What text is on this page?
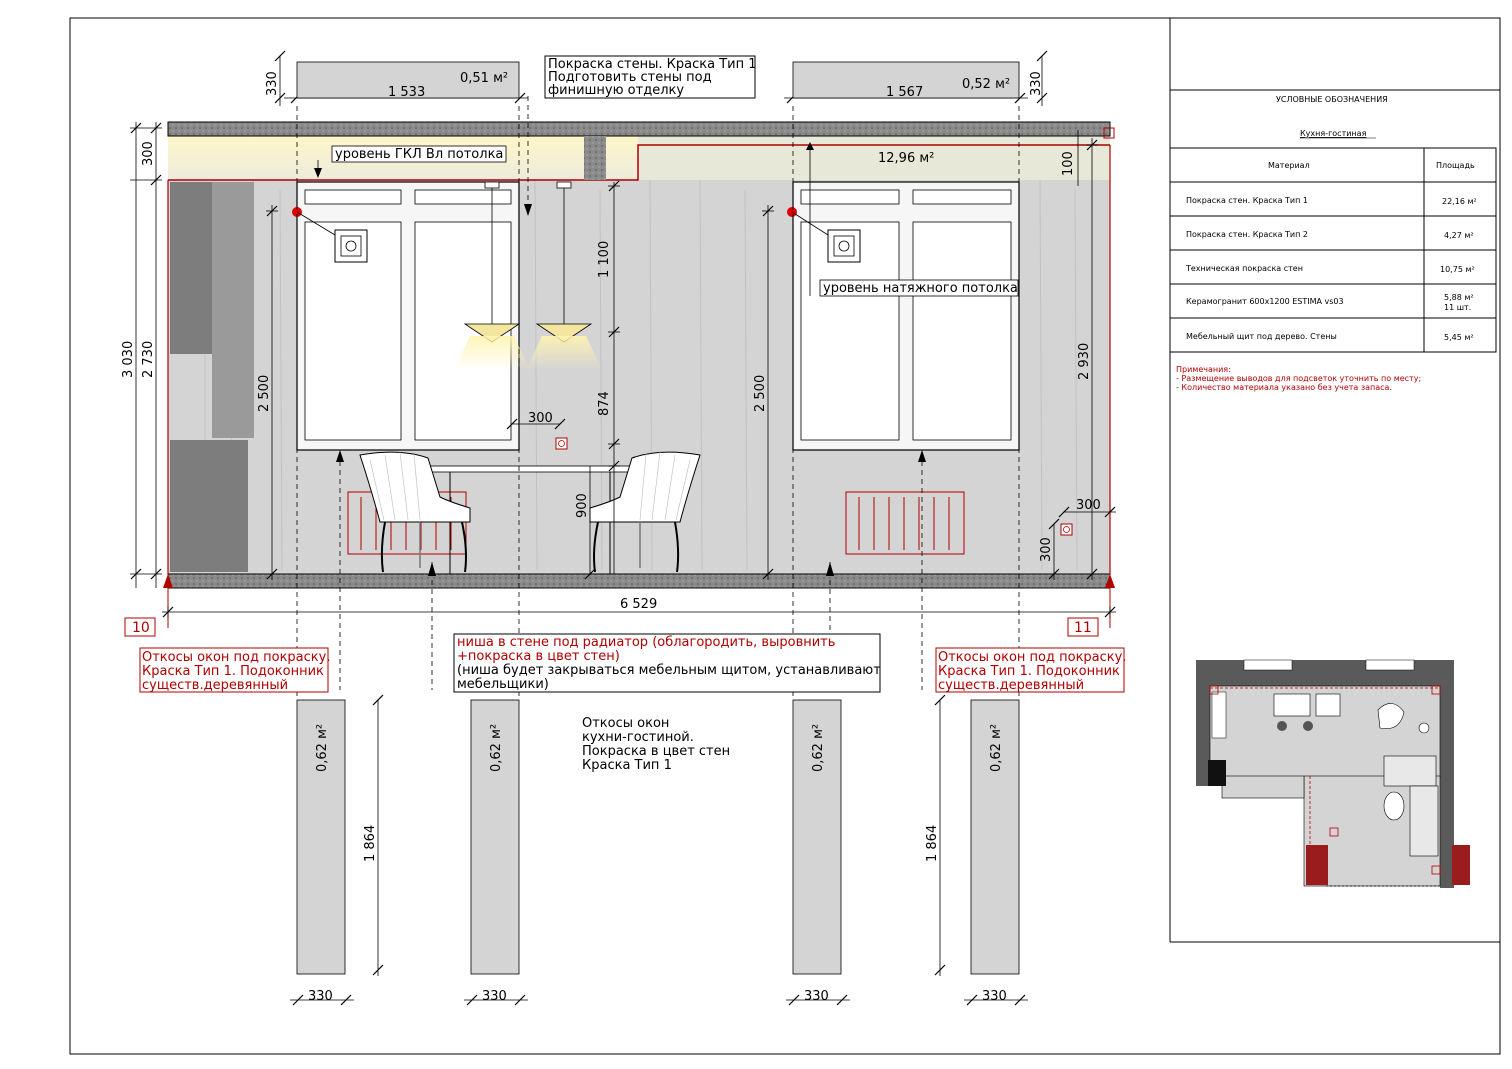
10	11
Покраска стены. Краска Тип 1
Подготовить стены под
финишную отделку
1 533
0,51 м²
1 567
0,52 м²
330	330
уровень ГКЛ Вл потолка
уровень натяжного потолка
12,96 м²
300	100
3 030 2 730
2 500	2 500
1 100
874
900
300
2 930
300
300
6 529
Откосы окон под покраску.
Краска Тип 1. Подоконник
существ.деревянный
Откосы окон под покраску.
Краска Тип 1. Подоконник
существ.деревянный
ниша в стене под радиатор (облагородить, выровнить
+покраска в цвет стен)
(ниша будет закрываться мебельным щитом, устанавливают
мебельщики)
Откосы окон
кухни-гостиной.
Покраска в цвет стен
Краска Тип 1
0,62 м²	0,62 м²	0,62 м²	0,62 м²
1 864	1 864
330	330	330	330
УСЛОВНЫЕ ОБОЗНАЧЕНИЯ
Кухня-гостиная
Материал	Площадь
Покраска стен. Краска Тип 1	22,16 м²
Покраска стен. Краска Тип 2	4,27 м²
Техническая покраска стен	10,75 м²
Керамогранит 600х1200 ESTIMA vs03	5,88 м²
11 шт.
Мебельный щит под дерево. Стены	5,45 м²
Примечания:
- Размещение выводов для подсветок уточнить по месту;
- Количество материала указано без учета запаса.
